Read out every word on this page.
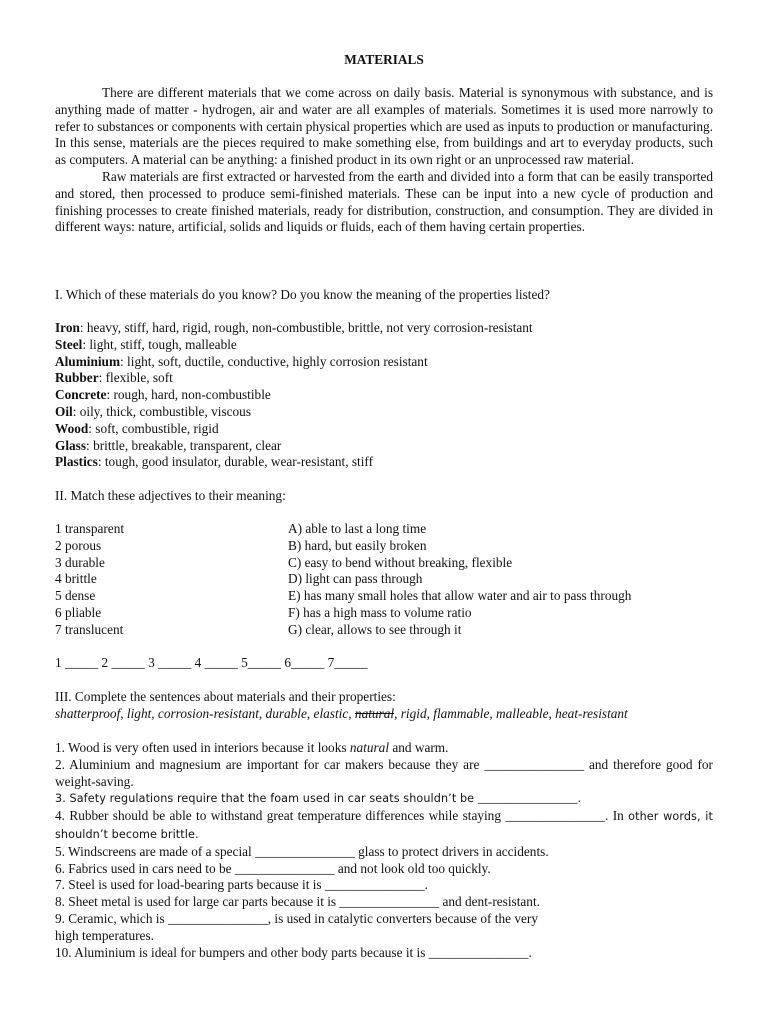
MATERIALS

There are different materials that we come across on daily basis. Material is synonymous with substance, and is anything made of matter - hydrogen, air and water are all examples of materials. Sometimes it is used more narrowly to refer to substances or components with certain physical properties which are used as inputs to production or manufacturing. In this sense, materials are the pieces required to make something else, from buildings and art to everyday products, such as computers. A material can be anything: a finished product in its own right or an unprocessed raw material.

Raw materials are first extracted or harvested from the earth and divided into a form that can be easily transported and stored, then processed to produce semi-finished materials. These can be input into a new cycle of production and finishing processes to create finished materials, ready for distribution, construction, and consumption. They are divided in different ways: nature, artificial, solids and liquids or fluids, each of them having certain properties.

I. Which of these materials do you know? Do you know the meaning of the properties listed?
Iron: heavy, stiff, hard, rigid, rough, non-combustible, brittle, not very corrosion-resistant
Steel: light, stiff, tough, malleable
Aluminium: light, soft, ductile, conductive, highly corrosion resistant
Rubber: flexible, soft
Concrete: rough, hard, non-combustible
Oil: oily, thick, combustible, viscous
Wood: soft, combustible, rigid
Glass: brittle, breakable, transparent, clear
Plastics: tough, good insulator, durable, wear-resistant, stiff
II. Match these adjectives to their meaning:
1 transparent	A) able to last a long time
2 porous	B) hard, but easily broken
3 durable	C) easy to bend without breaking, flexible
4 brittle	D) light can pass through
5 dense	E) has many small holes that allow water and air to pass through
6 pliable	F) has a high mass to volume ratio
7 translucent	G) clear, allows to see through it
1 _____ 2 _____ 3 _____ 4 _____ 5_____ 6_____ 7_____
III. Complete the sentences about materials and their properties:
shatterproof, light, corrosion-resistant, durable, elastic, natural, rigid, flammable, malleable, heat-resistant
1. Wood is very often used in interiors because it looks natural and warm.
2. Aluminium and magnesium are important for car makers because they are _______________ and therefore good for weight-saving.
3. Safety regulations require that the foam used in car seats shouldn’t be _______________.
4. Rubber should be able to withstand great temperature differences while staying _______________. In other words, it shouldn’t become brittle.
5. Windscreens are made of a special _______________ glass to protect drivers in accidents.
6. Fabrics used in cars need to be _______________ and not look old too quickly.
7. Steel is used for load-bearing parts because it is _______________.
8. Sheet metal is used for large car parts because it is _______________ and dent-resistant.
9. Ceramic, which is _______________, is used in catalytic converters because of the very
high temperatures.
10. Aluminium is ideal for bumpers and other body parts because it is _______________.
